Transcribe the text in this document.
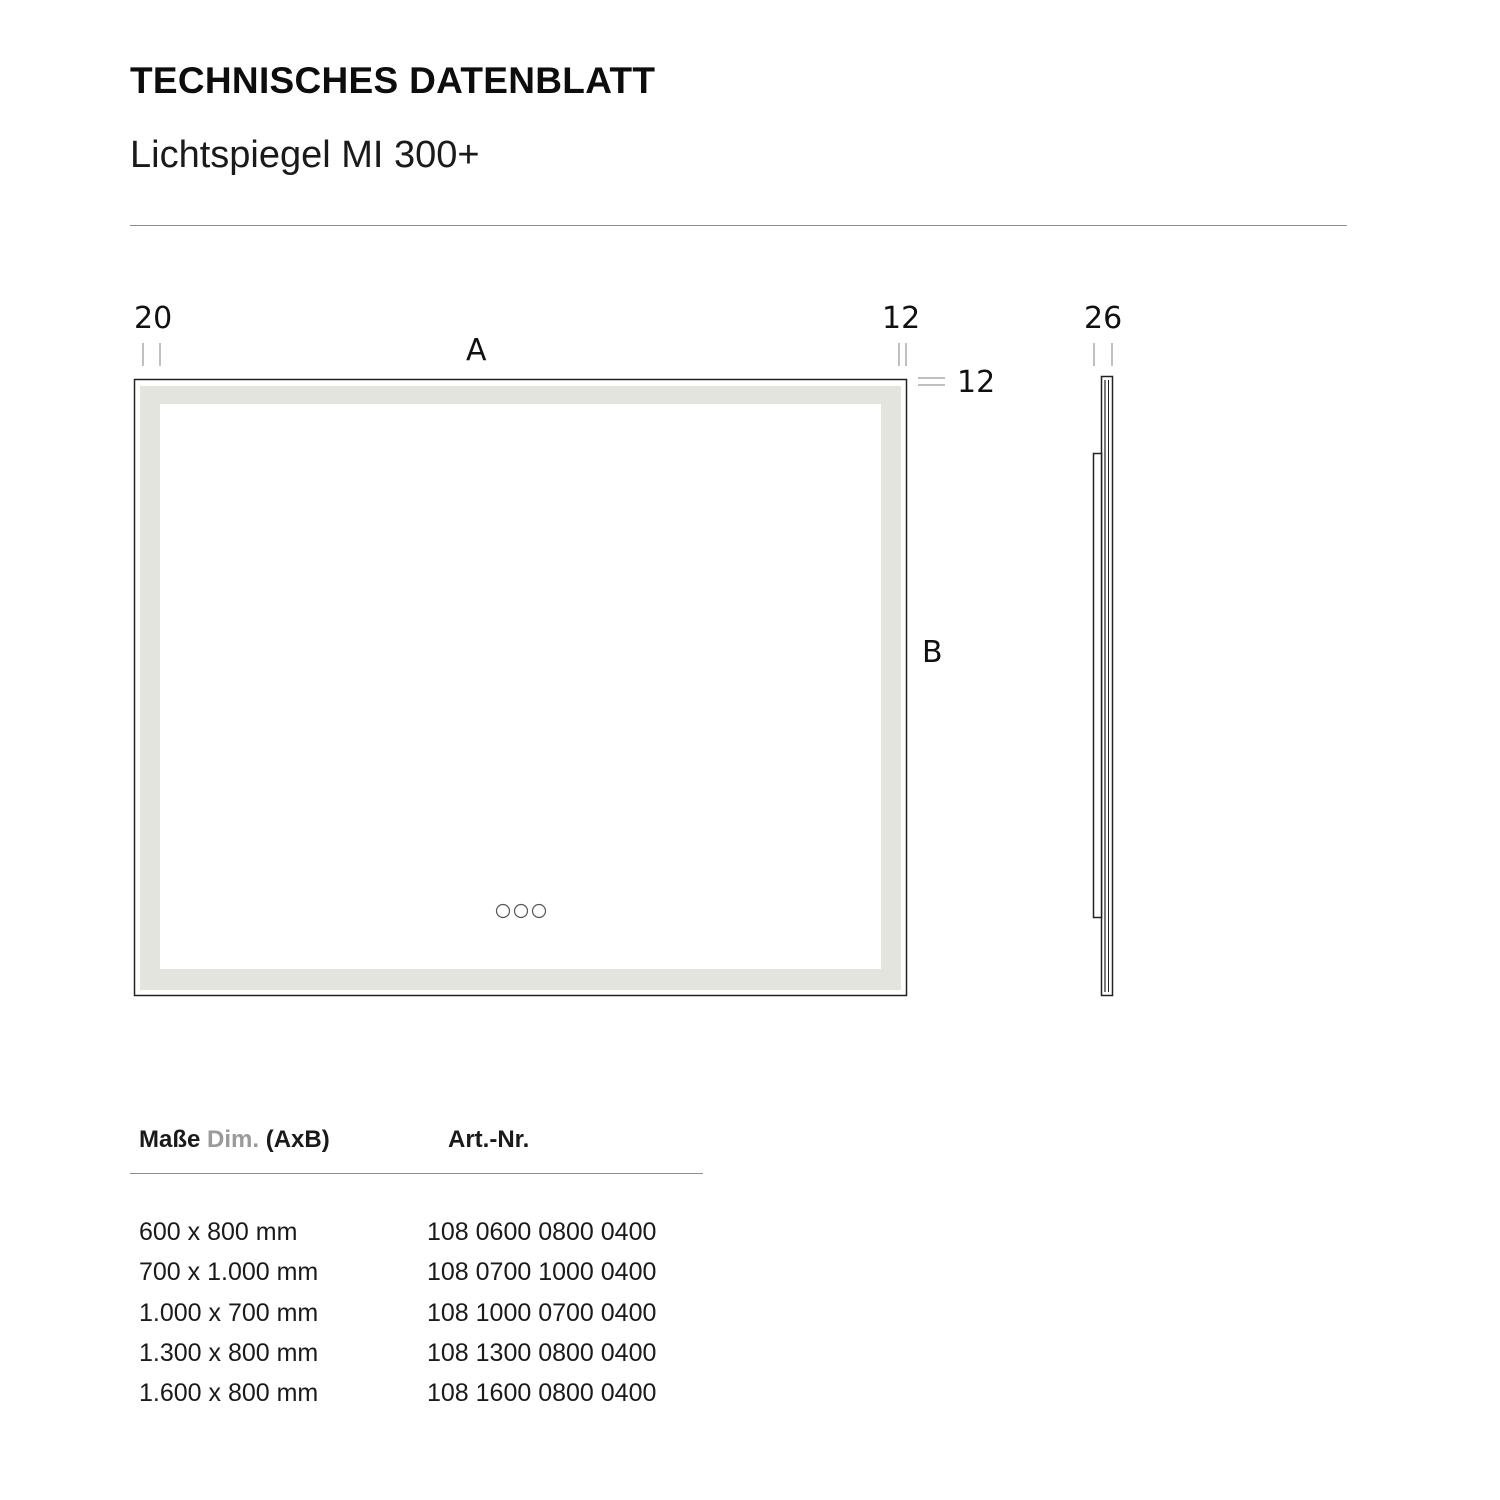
TECHNISCHES DATENBLATT
Lichtspiegel MI 300+
20
A
12
12
B
26
Maße Dim. (AxB)	Art.-Nr.
600 x 800 mm	108 0600 0800 0400
700 x 1.000 mm	108 0700 1000 0400
1.000 x 700 mm	108 1000 0700 0400
1.300 x 800 mm	108 1300 0800 0400
1.600 x 800 mm	108 1600 0800 0400
